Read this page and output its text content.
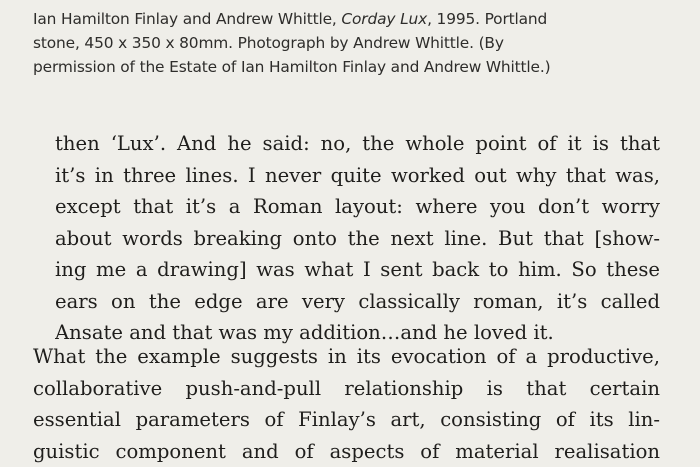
Ian Hamilton Finlay and Andrew Whittle, Corday Lux, 1995. Portland
stone, 450 x 350 x 80mm. Photograph by Andrew Whittle. (By
permission of the Estate of Ian Hamilton Finlay and Andrew Whittle.)
then ‘Lux’. And he said: no, the whole point of it is that
it’s in three lines. I never quite worked out why that was,
except that it’s a Roman layout: where you don’t worry
about words breaking onto the next line. But that [show-
ing me a drawing] was what I sent back to him. So these
ears on the edge are very classically roman, it’s called
Ansate and that was my addition…and he loved it.
What the example suggests in its evocation of a productive,
collaborative push-and-pull relationship is that certain
essential parameters of Finlay’s art, consisting of its lin-
guistic component and of aspects of material realisation
